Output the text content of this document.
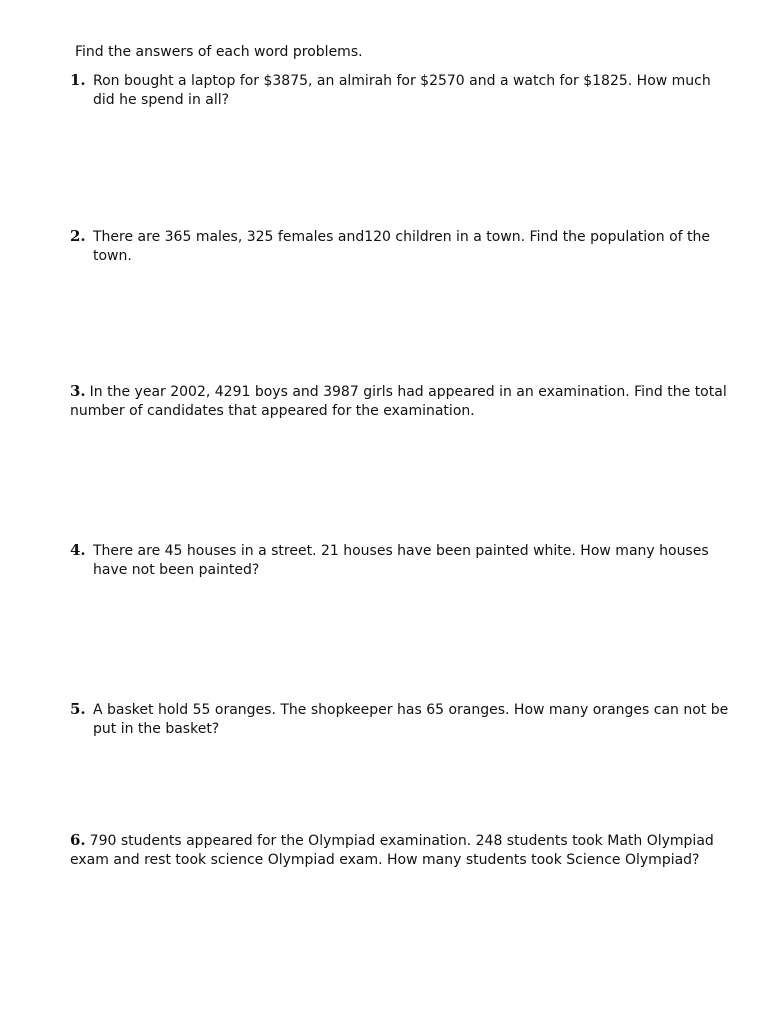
Find the answers of each word problems.

1. Ron bought a laptop for $3875, an almirah for $2570 and a watch for $1825. How much did he spend in all?

2. There are 365 males, 325 females and120 children in a town. Find the population of the town.

3. In the year 2002, 4291 boys and 3987 girls had appeared in an examination. Find the total number of candidates that appeared for the examination.

4. There are 45 houses in a street. 21 houses have been painted white. How many houses have not been painted?

5. A basket hold 55 oranges. The shopkeeper has 65 oranges. How many oranges can not be put in the basket?

6. 790 students appeared for the Olympiad examination. 248 students took Math Olympiad exam and rest took science Olympiad exam. How many students took Science Olympiad?
